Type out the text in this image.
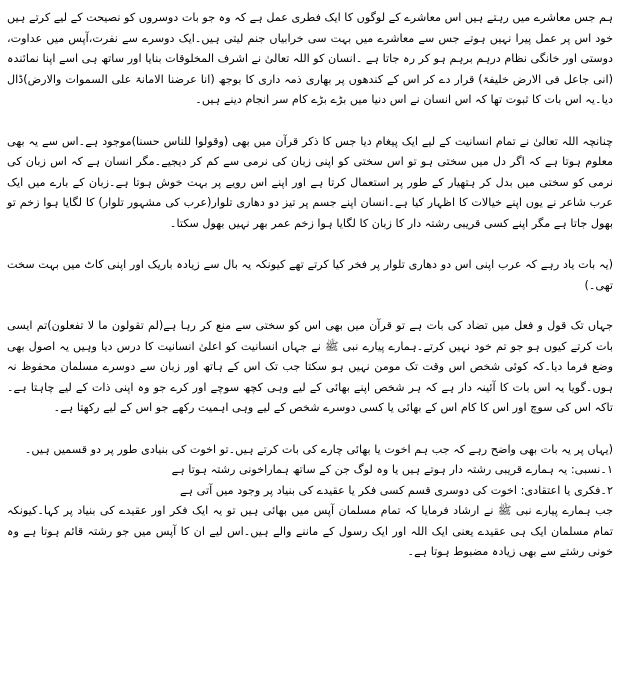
ہم جس معاشرے میں رہتے ہیں اس معاشرے کے لوگوں کا ایک فطری عمل ہے کہ وہ جو بات دوسروں کو نصیحت کے لیے کرتے ہیں خود اس پر عمل پیرا نہیں ہوتے جس سے معاشرے میں بہت سی خرابیاں جنم لیتی ہیں۔ایک دوسرے سے نفرت،آپس میں عداوت، دوستی اور خانگی نظام درہم برہم ہو کر رہ جاتا ہے ۔انسان کو اللہ تعالیٰ نے اشرف المخلوقات بنایا اور ساتھ ہی اسے اپنا نمائندہ (انی جاعل فی الارض خلیفۃ) قرار دے کر اس کے کندھوں پر بھاری ذمہ داری کا بوجھ (انا عرضنا الامانۃ علی السموات والارض)ڈال دیا۔یہ اس بات کا ثبوت تھا کہ اس انسان نے اس دنیا میں بڑے بڑے کام سر انجام دینے ہیں۔

چنانچہ اللہ تعالیٰ نے تمام انسانیت کے لیے ایک پیغام دیا جس کا ذکر قرآن میں بھی (وقولوا للناس حسنا)موجود ہے۔اس سے یہ بھی معلوم ہوتا ہے کہ اگر دل میں سختی ہو تو اس سختی کو اپنی زبان کی نرمی سے کم کر دیجیے۔مگر انسان ہے کہ اس زبان کی نرمی کو سختی میں بدل کر ہتھیار کے طور پر استعمال کرتا ہے اور اپنے اس رویے پر بہت خوش ہوتا ہے۔زبان کے بارے میں ایک عرب شاعر نے یوں اپنے خیالات کا اظہار کیا ہے۔انسان اپنے جسم پر تیز دو دھاری تلوار(عرب کی مشہور تلوار) کا لگایا ہوا زخم تو بھول جاتا ہے مگر اپنے کسی قریبی رشتہ دار کا زبان کا لگایا ہوا زخم عمر بھر نہیں بھول سکتا۔

(یہ بات یاد رہے کہ عرب اپنی اس دو دھاری تلوار پر فخر کیا کرتے تھے کیونکہ یہ بال سے زیادہ باریک اور اپنی کاٹ میں بہت سخت تھی۔)

جہاں تک قول و فعل میں تضاد کی بات ہے تو قرآن میں بھی اس کو سختی سے منع کر رہا ہے(لم تقولون ما لا تفعلون)تم ایسی بات کرتے کیوں ہو جو تم خود نہیں کرتے۔ہمارے پیارے نبی ﷺ نے جہاں انسانیت کو اعلیٰ انسانیت کا درس دیا وہیں یہ اصول بھی وضع فرما دیا۔کہ کوئی شخص اس وقت تک مومن نہیں ہو سکتا جب تک اس کے ہاتھ اور زبان سے دوسرے مسلمان محفوظ نہ ہوں۔گویا یہ اس بات کا آئینہ دار ہے کہ ہر شخص اپنے بھائی کے لیے وہی کچھ سوچے اور کرے جو وہ اپنی ذات کے لیے چاہتا ہے۔تاکہ اس کی سوچ اور اس کا کام اس کے بھائی یا کسی دوسرے شخص کے لیے وہی اہمیت رکھے جو اس کے لیے رکھتا ہے۔

(یہاں پر یہ بات بھی واضح رہے کہ جب ہم اخوت یا بھائی چارے کی بات کرتے ہیں۔تو اخوت کی بنیادی طور پر دو قسمیں ہیں۔

۱۔نسبی: یہ ہمارے قریبی رشتہ دار ہوتے ہیں یا وہ لوگ جن کے ساتھ ہماراخونی رشتہ ہوتا ہے

۲۔فکری یا اعتقادی: اخوت کی دوسری قسم کسی فکر یا عقیدے کی بنیاد پر وجود میں آتی ہے

جب ہمارے پیارے نبی ﷺ نے ارشاد فرمایا کہ تمام مسلمان آپس میں بھائی ہیں تو یہ ایک فکر اور عقیدے کی بنیاد پر کہا۔کیونکہ تمام مسلمان ایک ہی عقیدے یعنی ایک اللہ اور ایک رسول کے ماننے والے ہیں۔اس لیے ان کا آپس میں جو رشتہ قائم ہوتا ہے وہ خونی رشتے سے بھی زیادہ مضبوط ہوتا ہے۔
